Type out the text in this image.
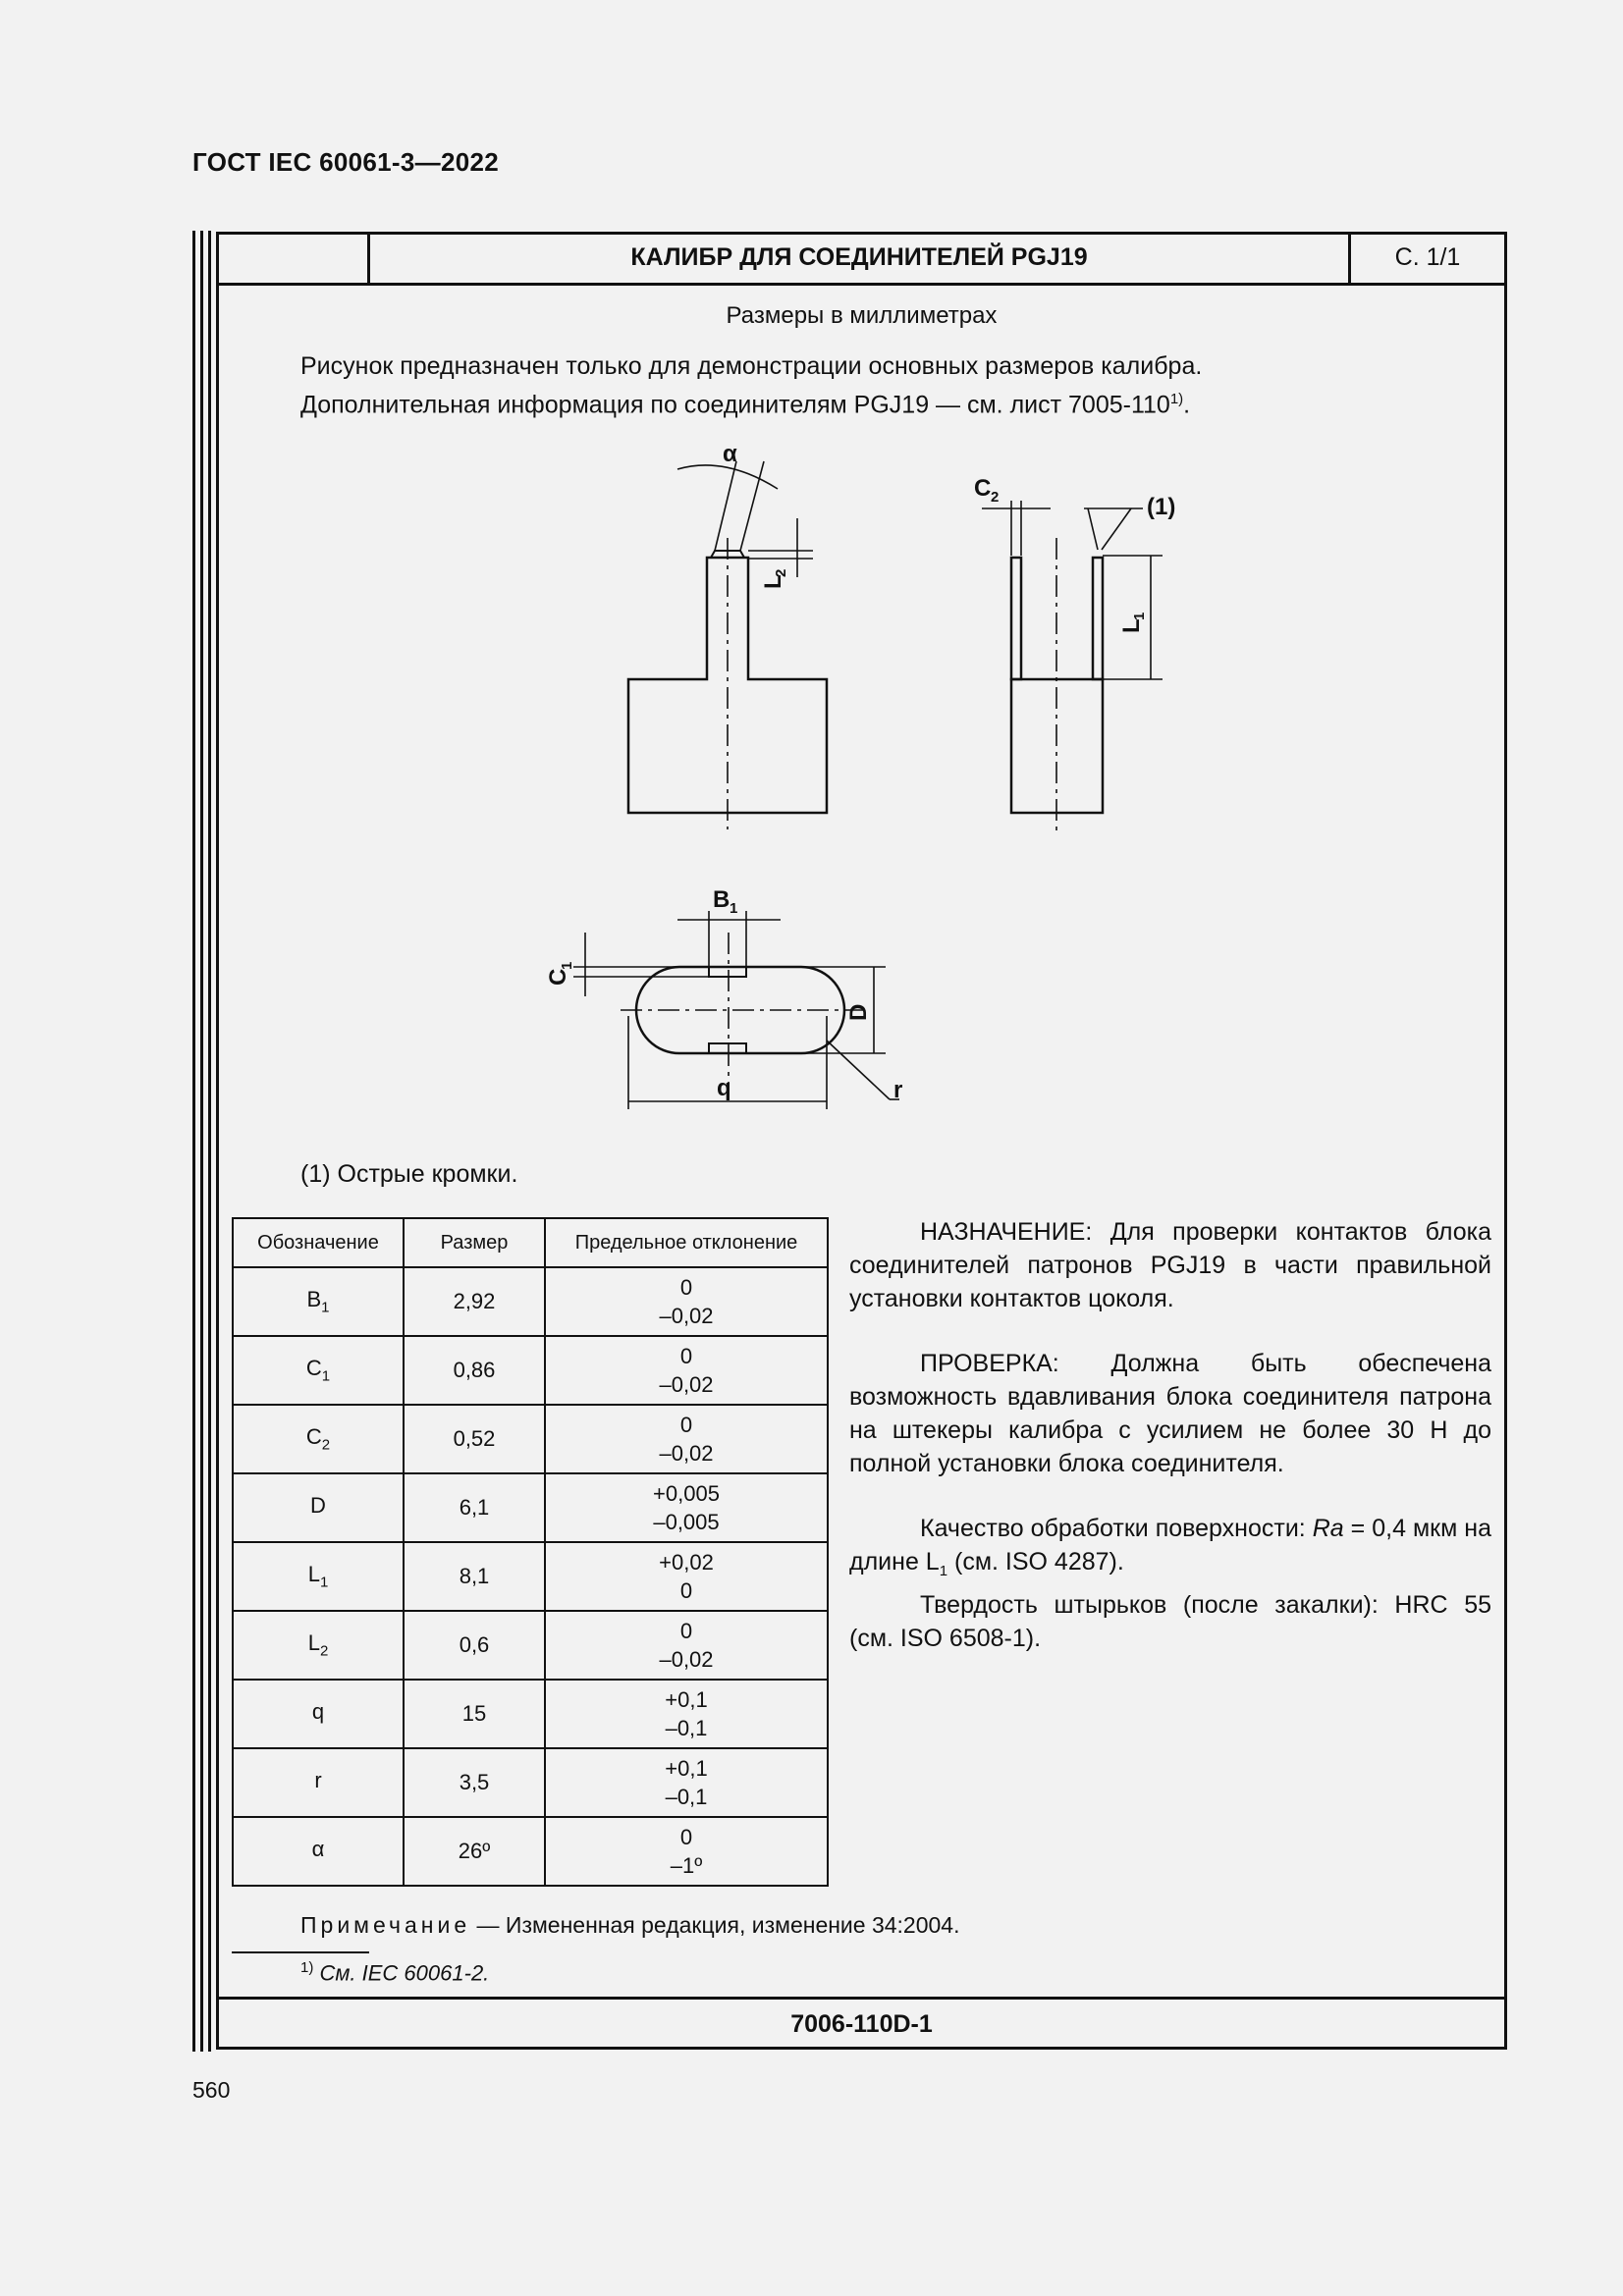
ГОСТ IEC 60061-3—2022
КАЛИБР ДЛЯ СОЕДИНИТЕЛЕЙ PGJ19	С. 1/1
Размеры в миллиметрах
Рисунок предназначен только для демонстрации основных размеров калибра.
Дополнительная информация по соединителям PGJ19 — см. лист 7005-110$^{1)}$.
α
L
2
C 2	(1)
L
1
B 1
C
1
D
q	r
(1) Острые кромки.
Обозначение	Размер	Предельное отклонение
$B_1$	2,92	0
–0,02

$C_1$	0,86	0
–0,02

$C_2$	0,52	0
–0,02

D	6,1	+0,005
–0,005

$L_1$	8,1	+0,02
0

$L_2$	0,6	0
–0,02

q	15	+0,1
–0,1

r	3,5	+0,1
–0,1

α	26º	0
–1º

НАЗНАЧЕНИЕ: Для проверки контактов блока соединителей патронов PGJ19 в части правильной установки контактов цоколя.

ПРОВЕРКА: Должна быть обеспечена возможность вдавливания блока соединителя патрона на штекеры калибра с усилием не более 30 Н до полной установки блока соединителя.

Качество обработки поверхности: Ra = 0,4 мкм на длине $L_1$ (см. ISO 4287).

Твердость штырьков (после закалки): HRC 55 (см. ISO 6508-1).

Примечание — Измененная редакция, изменение 34:2004.
$^{1)}$ См. IEC 60061-2.
7006-110D-1
560
